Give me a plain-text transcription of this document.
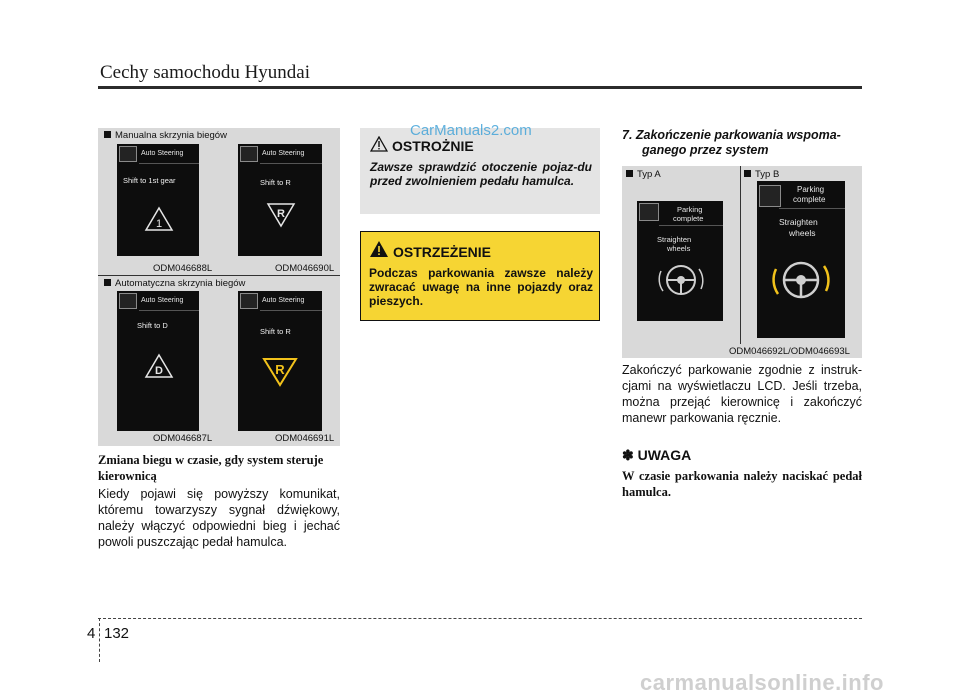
Cechy samochodu Hyundai
Manualna skrzynia biegów
Auto Steering
Shift to 1st gear
1
Auto Steering
Shift to R
R
ODM046688L	ODM046690L
Automatyczna skrzynia biegów
Auto Steering
Shift to D
D
Auto Steering
Shift to R
R
ODM046687L	ODM046691L
Zmiana biegu w czasie, gdy system steruje kierownicą
Kiedy pojawi się powyższy komunikat, któremu towarzyszy sygnał dźwiękowy, należy włączyć odpowiedni bieg i jechać powoli puszczając pedał hamulca.
OSTROŻNIE
Zawsze sprawdzić otoczenie pojaz-du przed zwolnieniem pedału hamulca.
CarManuals2.com
OSTRZEŻENIE
Podczas parkowania zawsze należy zwracać uwagę na inne pojazdy oraz pieszych.
7. Zakończenie parkowania wspoma-
ganego przez system
Typ A	Typ B
Parking
complete
Straighten
wheels
Parking
complete
Straighten
wheels
ODM046692L/ODM046693L
Zakończyć parkowanie zgodnie z instruk-cjami na wyświetlaczu LCD. Jeśli trzeba, można przejąć kierownicę i zakończyć manewr parkowania ręcznie.
✽ UWAGA
W czasie parkowania należy naciskać pedał hamulca.
4 132
carmanualsonline.info
